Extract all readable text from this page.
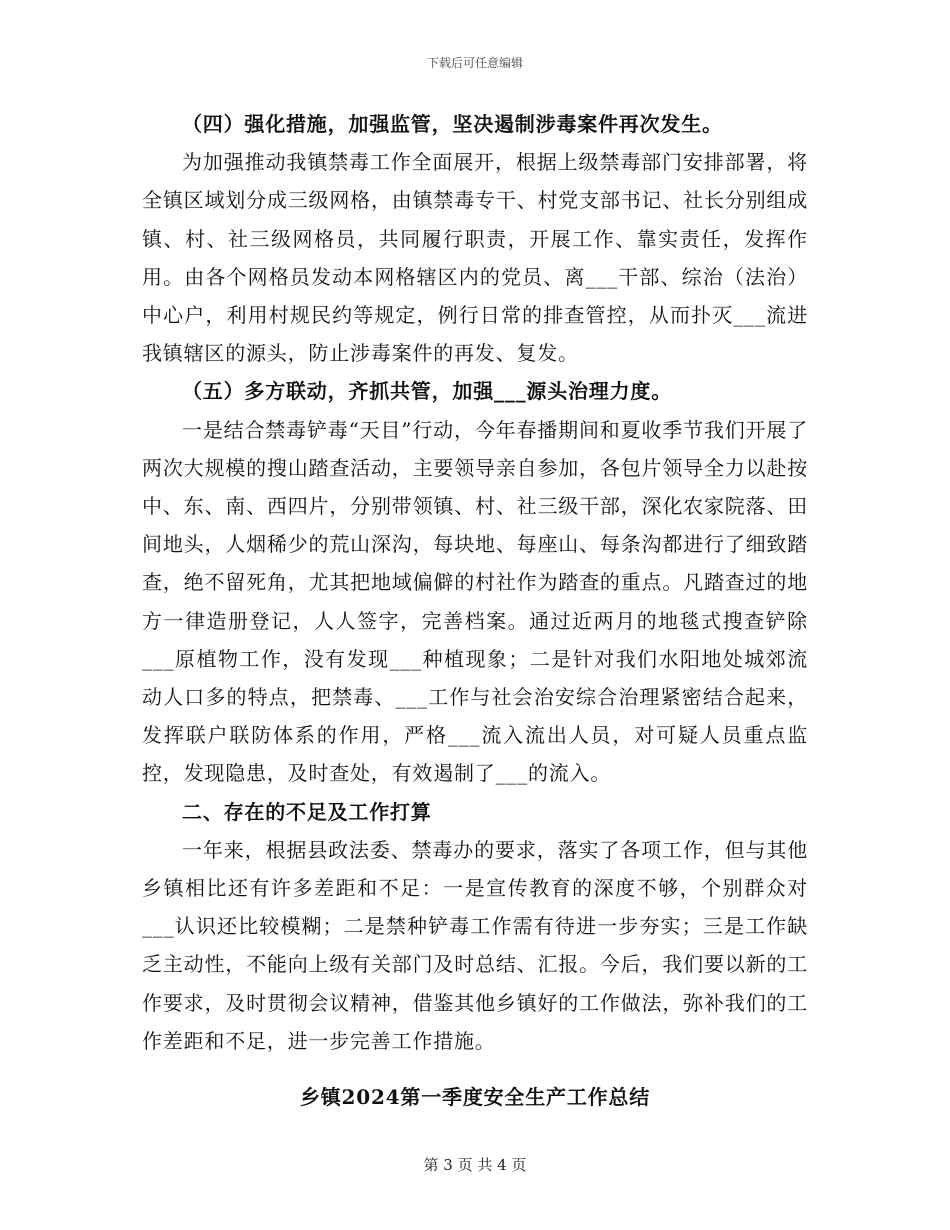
下载后可任意编辑

（四）强化措施，加强监管，坚决遏制涉毒案件再次发生。

为加强推动我镇禁毒工作全面展开，根据上级禁毒部门安排部署，将全镇区域划分成三级网格，由镇禁毒专干、村党支部书记、社长分别组成镇、村、社三级网格员，共同履行职责，开展工作、靠实责任，发挥作用。由各个网格员发动本网格辖区内的党员、离___干部、综治（法治）中心户，利用村规民约等规定，例行日常的排查管控，从而扑灭___流进我镇辖区的源头，防止涉毒案件的再发、复发。

（五）多方联动，齐抓共管，加强___源头治理力度。

一是结合禁毒铲毒“天目”行动，今年春播期间和夏收季节我们开展了两次大规模的搜山踏查活动，主要领导亲自参加，各包片领导全力以赴按中、东、南、西四片，分别带领镇、村、社三级干部，深化农家院落、田间地头，人烟稀少的荒山深沟，每块地、每座山、每条沟都进行了细致踏查，绝不留死角，尤其把地域偏僻的村社作为踏查的重点。凡踏查过的地方一律造册登记，人人签字，完善档案。通过近两月的地毯式搜查铲除___原植物工作，没有发现___种植现象；二是针对我们水阳地处城郊流动人口多的特点，把禁毒、___工作与社会治安综合治理紧密结合起来，发挥联户联防体系的作用，严格___流入流出人员，对可疑人员重点监控，发现隐患，及时查处，有效遏制了___的流入。

二、存在的不足及工作打算

一年来，根据县政法委、禁毒办的要求，落实了各项工作，但与其他乡镇相比还有许多差距和不足：一是宣传教育的深度不够，个别群众对___认识还比较模糊；二是禁种铲毒工作需有待进一步夯实；三是工作缺乏主动性，不能向上级有关部门及时总结、汇报。今后，我们要以新的工作要求，及时贯彻会议精神，借鉴其他乡镇好的工作做法，弥补我们的工作差距和不足，进一步完善工作措施。

乡镇2024第一季度安全生产工作总结

第 3 页 共 4 页
